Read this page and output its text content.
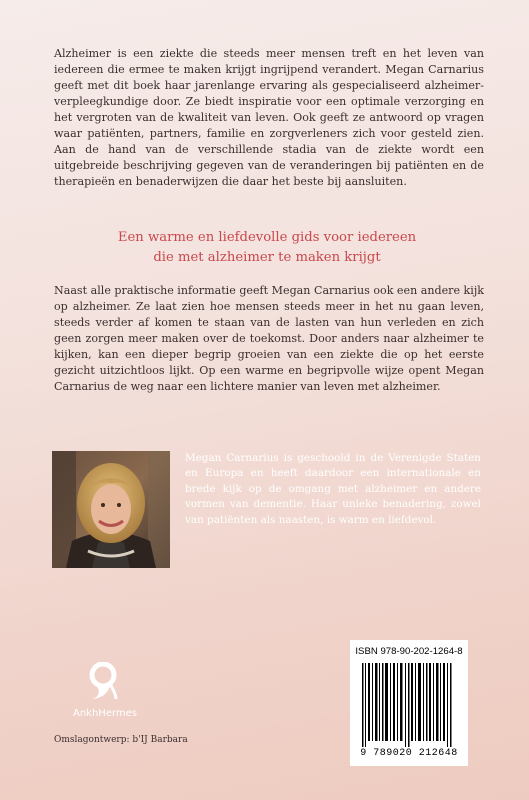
Alzheimer is een ziekte die steeds meer mensen treft en het leven van iedereen die ermee te maken krijgt ingrijpend verandert. Megan Carnarius geeft met dit boek haar jarenlange ervaring als gespecialiseerd alzheimer-verpleegkundige door. Ze biedt inspiratie voor een optimale verzorging en het vergroten van de kwaliteit van leven. Ook geeft ze antwoord op vragen waar patiënten, partners, familie en zorgverleners zich voor gesteld zien. Aan de hand van de verschillende stadia van de ziekte wordt een uitgebreide beschrijving gegeven van de veranderingen bij patiënten en de therapieën en benaderwijzen die daar het beste bij aansluiten.

Een warme en liefdevolle gids voor iedereen
die met alzheimer te maken krijgt

Naast alle praktische informatie geeft Megan Carnarius ook een andere kijk op alzheimer. Ze laat zien hoe mensen steeds meer in het nu gaan leven, steeds verder af komen te staan van de lasten van hun verleden en zich geen zorgen meer maken over de toekomst. Door anders naar alzheimer te kijken, kan een dieper begrip groeien van een ziekte die op het eerste gezicht uitzichtloos lijkt. Op een warme en begripvolle wijze opent Megan Carnarius de weg naar een lichtere manier van leven met alzheimer.

Megan Carnarius is geschoold in de Verenigde Staten en Europa en heeft daardoor een internationale en brede kijk op de omgang met alzheimer en andere vormen van dementie. Haar unieke benadering, zowel van patiënten als naasten, is warm en liefdevol.

AnkhHermes
Omslagontwerp: b'IJ Barbara
ISBN 978-90-202-1264-8
9 789020 212648
